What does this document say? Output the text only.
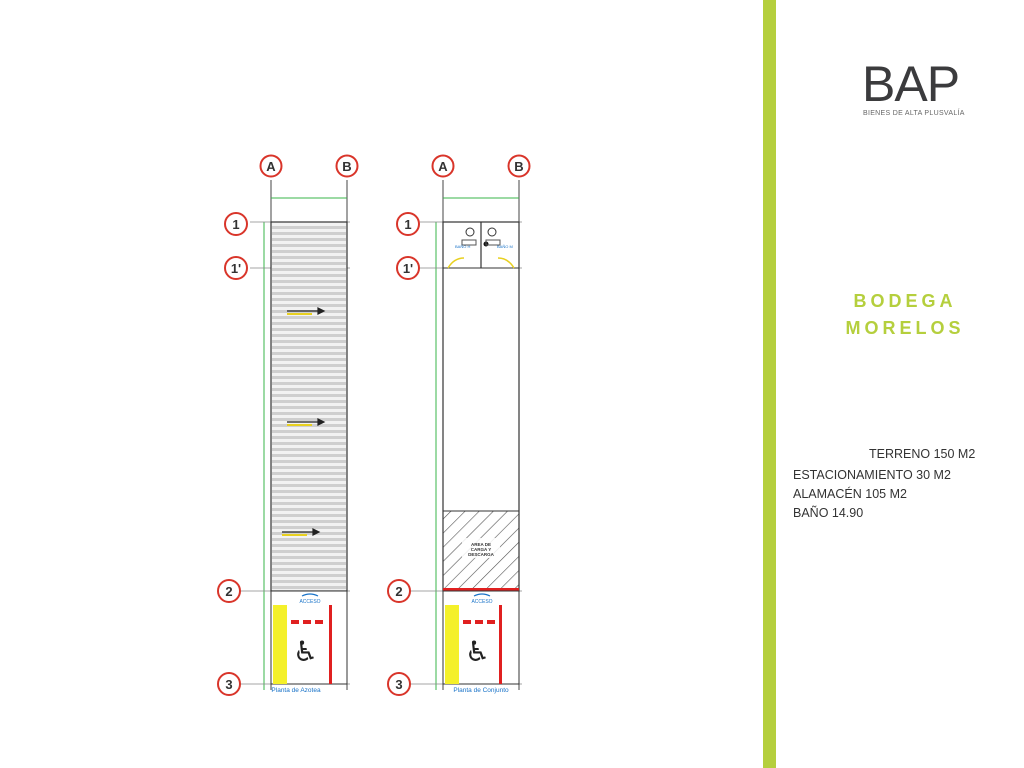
♿
ACCESO
Planta de Azotea
BAÑO H	BAÑO M
AREA DE CARGA Y DESCARGA
♿
ACCESO
Planta de Conjunto
A	B	A	B
1
1'
2
3
1
1'
2
3
BAP
BIENES DE ALTA PLUSVALÍA
BODEGA
MORELOS
TERRENO 150 M2
ESTACIONAMIENTO 30 M2
ALAMACÉN 105 M2
BAÑO 14.90
